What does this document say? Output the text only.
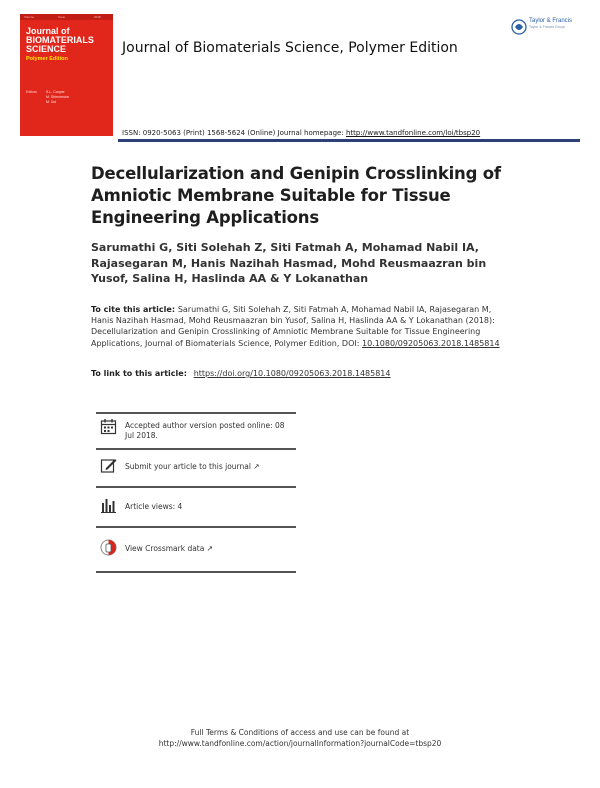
Volume	Issue	2018
Journal of
BIOMATERIALS
SCIENCE
Polymer Edition
Editors	S.L. Cooper
M. Shimomura
M. Doi
Journal of Biomaterials Science, Polymer Edition
Taylor & Francis
Taylor & Francis Group
ISSN: 0920-5063 (Print) 1568-5624 (Online) Journal homepage: http://www.tandfonline.com/loi/tbsp20
Decellularization and Genipin Crosslinking of Amniotic Membrane Suitable for Tissue Engineering Applications
Sarumathi G, Siti Solehah Z, Siti Fatmah A, Mohamad Nabil IA, Rajasegaran M, Hanis Nazihah Hasmad, Mohd Reusmaazran bin Yusof, Salina H, Haslinda AA & Y Lokanathan
To cite this article: Sarumathi G, Siti Solehah Z, Siti Fatmah A, Mohamad Nabil IA, Rajasegaran M, Hanis Nazihah Hasmad, Mohd Reusmaazran bin Yusof, Salina H, Haslinda AA & Y Lokanathan (2018): Decellularization and Genipin Crosslinking of Amniotic Membrane Suitable for Tissue Engineering Applications, Journal of Biomaterials Science, Polymer Edition, DOI: 10.1080/09205063.2018.1485814
To link to this article: https://doi.org/10.1080/09205063.2018.1485814
Accepted author version posted online: 08 Jul 2018.
Submit your article to this journal ↗
Article views: 4
View Crossmark data ↗
Full Terms & Conditions of access and use can be found at
http://www.tandfonline.com/action/journalInformation?journalCode=tbsp20
